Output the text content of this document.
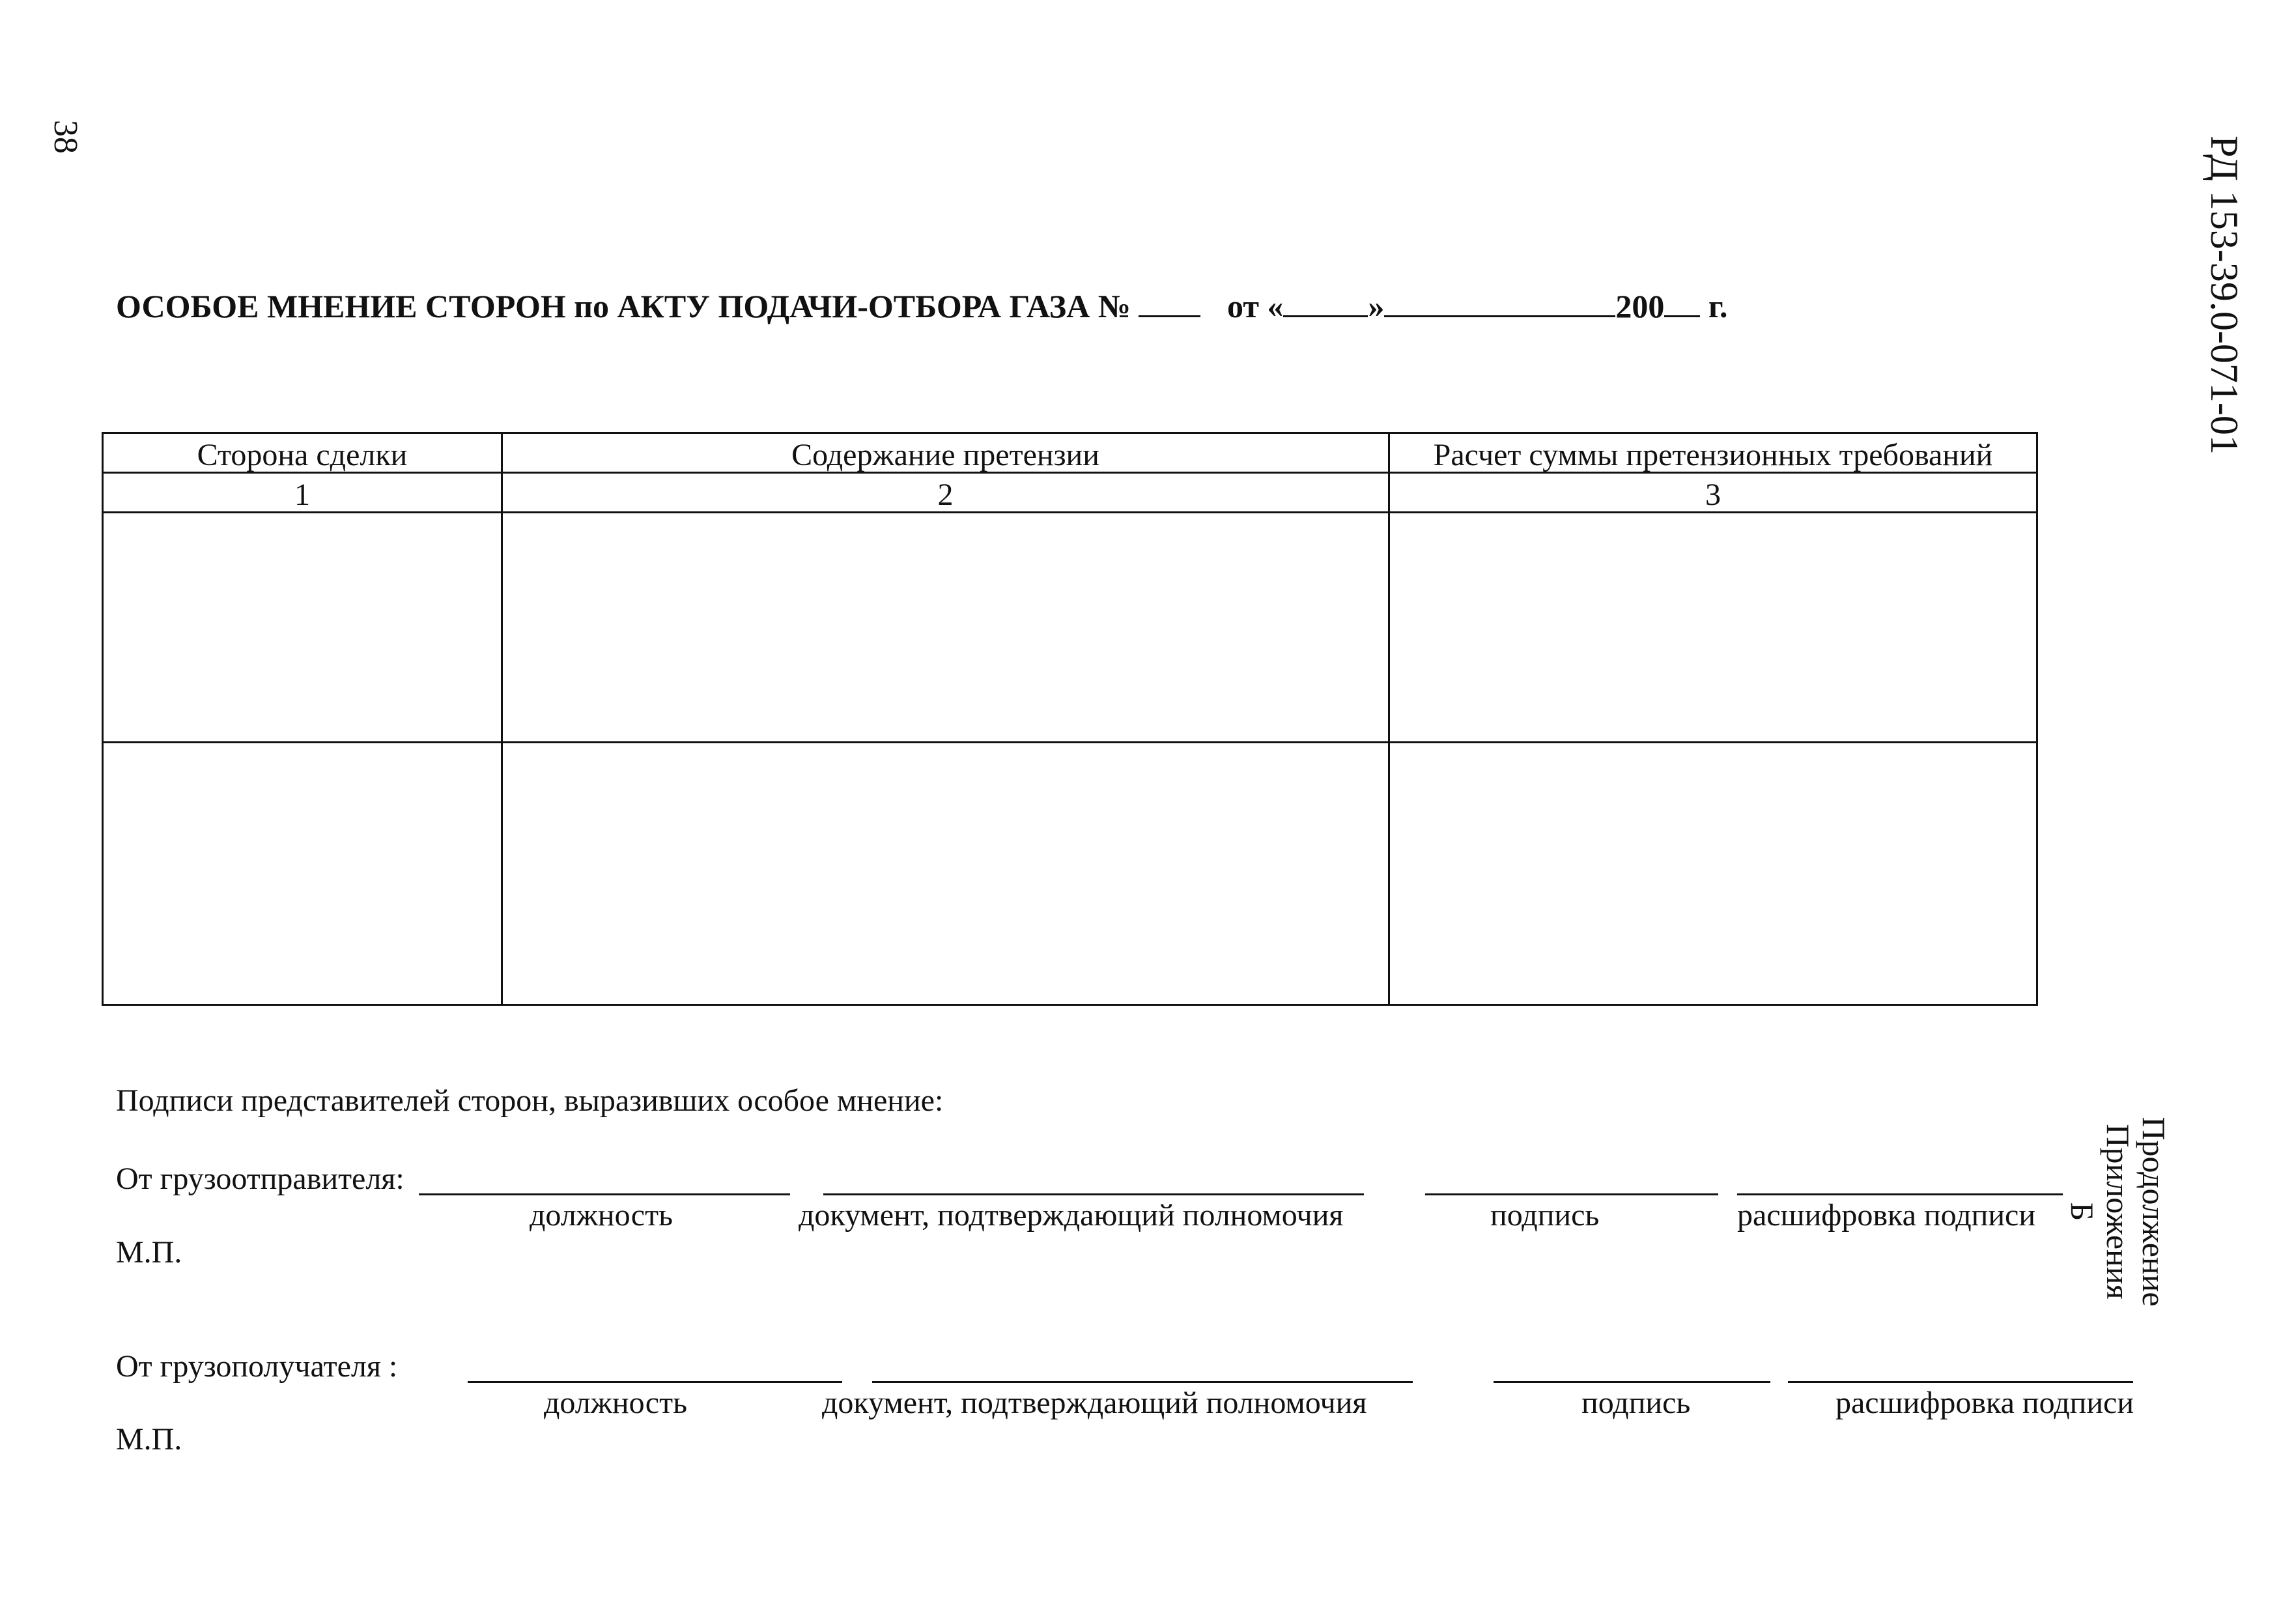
38	РД 153-39.0-071-01
Продолжение
Приложения Б
ОСОБОЕ МНЕНИЕ СТОРОН по АКТУ ПОДАЧИ-ОТБОРА ГАЗА №	от «	»	200 г.
Сторона сделки	Содержание претензии	Расчет суммы претензионных требований
1	2	3

Подписи представителей сторон, выразивших особое мнение:
От грузоотправителя:
должность	документ, подтверждающий полномочия	подпись	расшифровка подписи
М.П.
От грузополучателя :
должность	документ, подтверждающий полномочия	подпись	расшифровка подписи
М.П.
